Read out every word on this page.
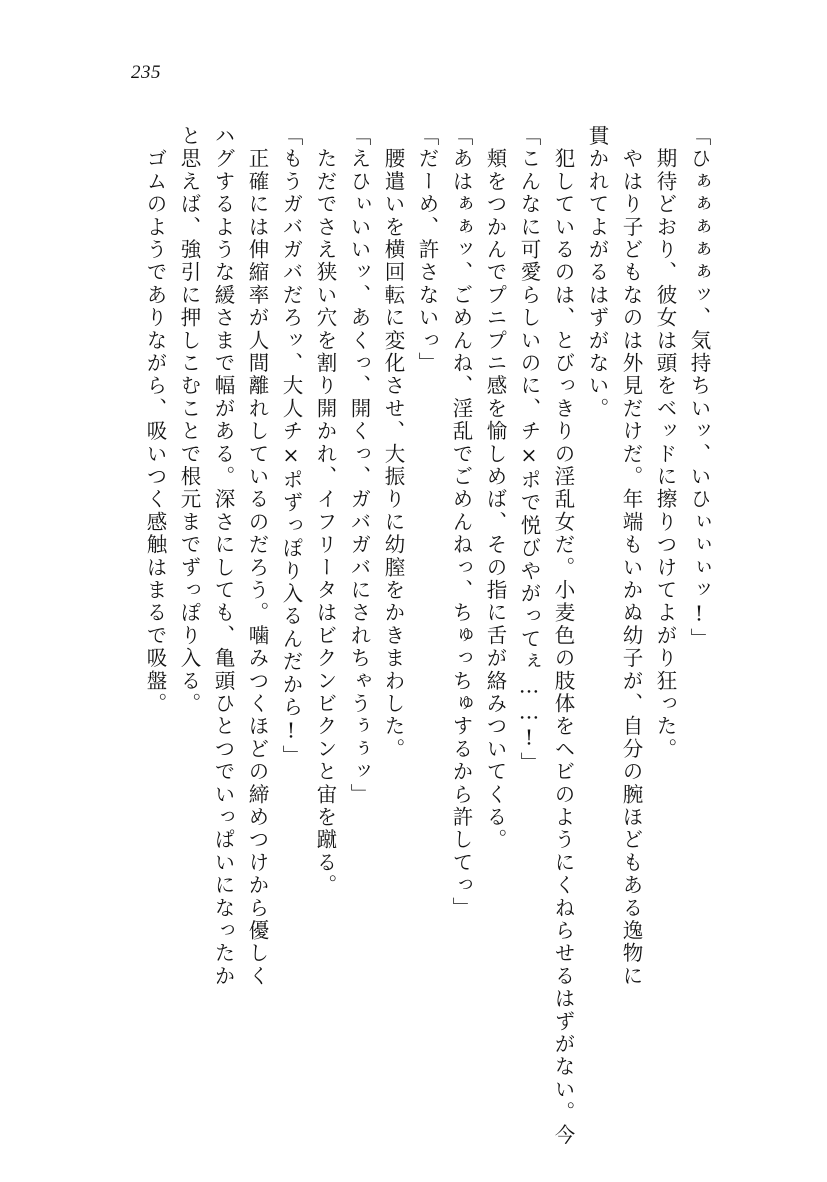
235
「ひぁぁぁぁぁッ、気持ちいッ、いひぃぃぃッ!」
　期待どおり、彼女は頭をベッドに擦りつけてよがり狂った。
　やはり子どもなのは外見だけだ。年端もいかぬ幼子が、自分の腕ほどもある逸物に
貫かれてよがるはずがない。
　犯しているのは、とびっきりの淫乱女だ。小麦色の肢体をヘビのようにくねらせるはずがない。今
「こんなに可愛らしいのに、チ×ポで悦びやがってぇ……!」
　頬をつかんでプニプニ感を愉しめば、その指に舌が絡みついてくる。
「あはぁぁッ、ごめんね、淫乱でごめんねっ、ちゅっちゅするから許してっ」
「だーめ、許さないっ」
　腰遣いを横回転に変化させ、大振りに幼膣をかきまわした。
「えひぃいいッ、あくっ、開くっ、ガバガバにされちゃうぅぅッ」
　ただでさえ狭い穴を割り開かれ、イフリータはビクンビクンと宙を蹴る。
「もうガバガバだろッ、大人チ×ポずっぽり入るんだから!」
　正確には伸縮率が人間離れしているのだろう。噛みつくほどの締めつけから優しく
ハグするような緩さまで幅がある。深さにしても、亀頭ひとつでいっぱいになったか
と思えば、強引に押しこむことで根元までずっぽり入る。
　ゴムのようでありながら、吸いつく感触はまるで吸盤。
